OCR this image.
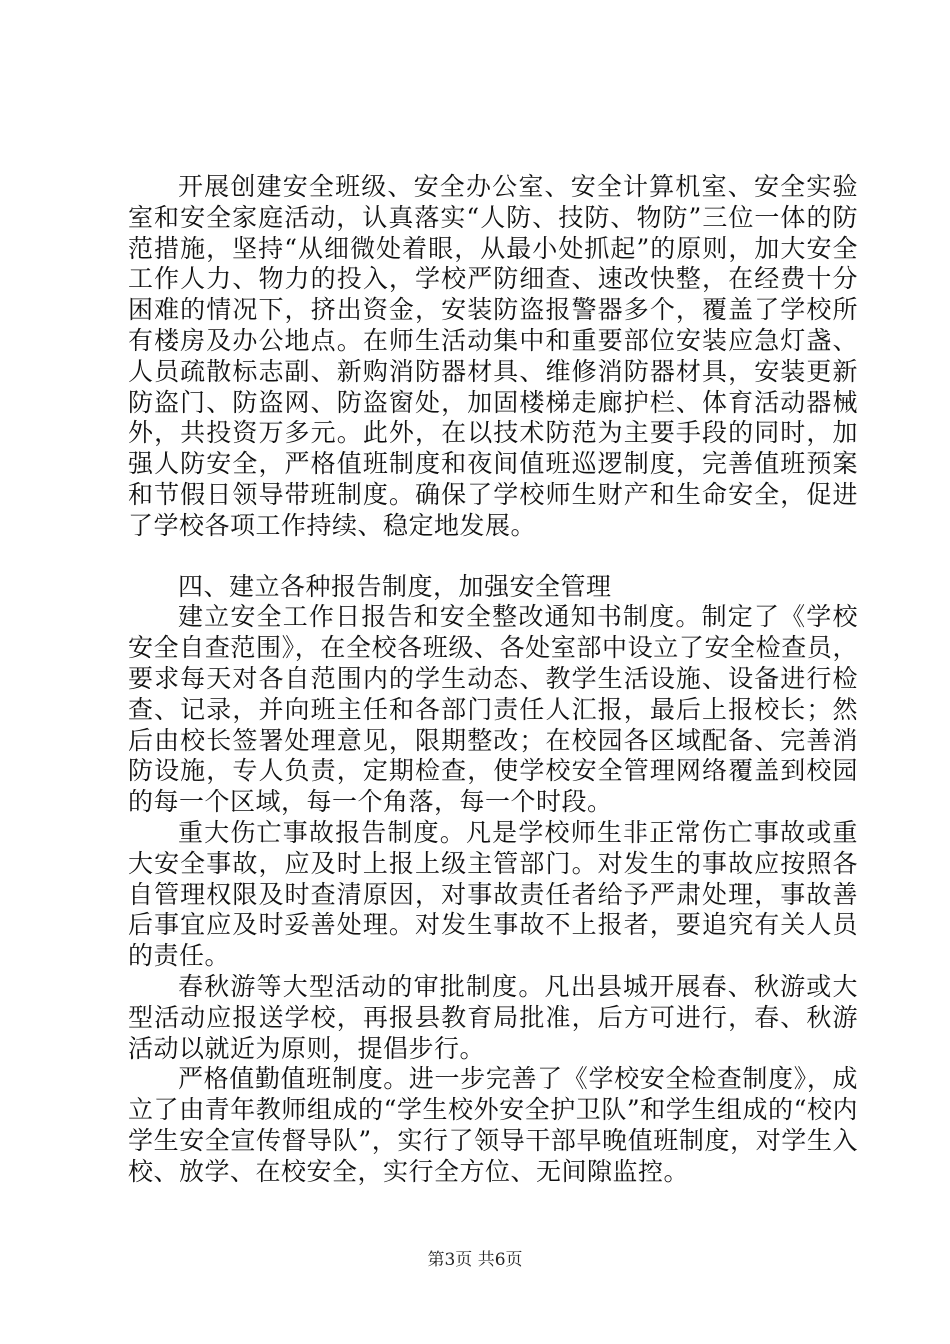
开展创建安全班级、安全办公室、安全计算机室、安全实验室和安全家庭活动，认真落实“人防、技防、物防”三位一体的防范措施，坚持“从细微处着眼，从最小处抓起”的原则，加大安全工作人力、物力的投入，学校严防细查、速改快整，在经费十分困难的情况下，挤出资金，安装防盗报警器多个，覆盖了学校所有楼房及办公地点。在师生活动集中和重要部位安装应急灯盏、人员疏散标志副、新购消防器材具、维修消防器材具，安装更新防盗门、防盗网、防盗窗处，加固楼梯走廊护栏、体育活动器械外，共投资万多元。此外，在以技术防范为主要手段的同时，加强人防安全，严格值班制度和夜间值班巡逻制度，完善值班预案和节假日领导带班制度。确保了学校师生财产和生命安全，促进了学校各项工作持续、稳定地发展。

四、建立各种报告制度，加强安全管理

建立安全工作日报告和安全整改通知书制度。制定了《学校安全自查范围》，在全校各班级、各处室部中设立了安全检查员，要求每天对各自范围内的学生动态、教学生活设施、设备进行检查、记录，并向班主任和各部门责任人汇报，最后上报校长；然后由校长签署处理意见，限期整改；在校园各区域配备、完善消防设施，专人负责，定期检查，使学校安全管理网络覆盖到校园的每一个区域，每一个角落，每一个时段。

重大伤亡事故报告制度。凡是学校师生非正常伤亡事故或重大安全事故，应及时上报上级主管部门。对发生的事故应按照各自管理权限及时查清原因，对事故责任者给予严肃处理，事故善后事宜应及时妥善处理。对发生事故不上报者，要追究有关人员的责任。

春秋游等大型活动的审批制度。凡出县城开展春、秋游或大型活动应报送学校，再报县教育局批准，后方可进行，春、秋游活动以就近为原则，提倡步行。

严格值勤值班制度。进一步完善了《学校安全检查制度》，成立了由青年教师组成的“学生校外安全护卫队”和学生组成的“校内学生安全宣传督导队”，实行了领导干部早晚值班制度，对学生入校、放学、在校安全，实行全方位、无间隙监控。

第3页 共6页
